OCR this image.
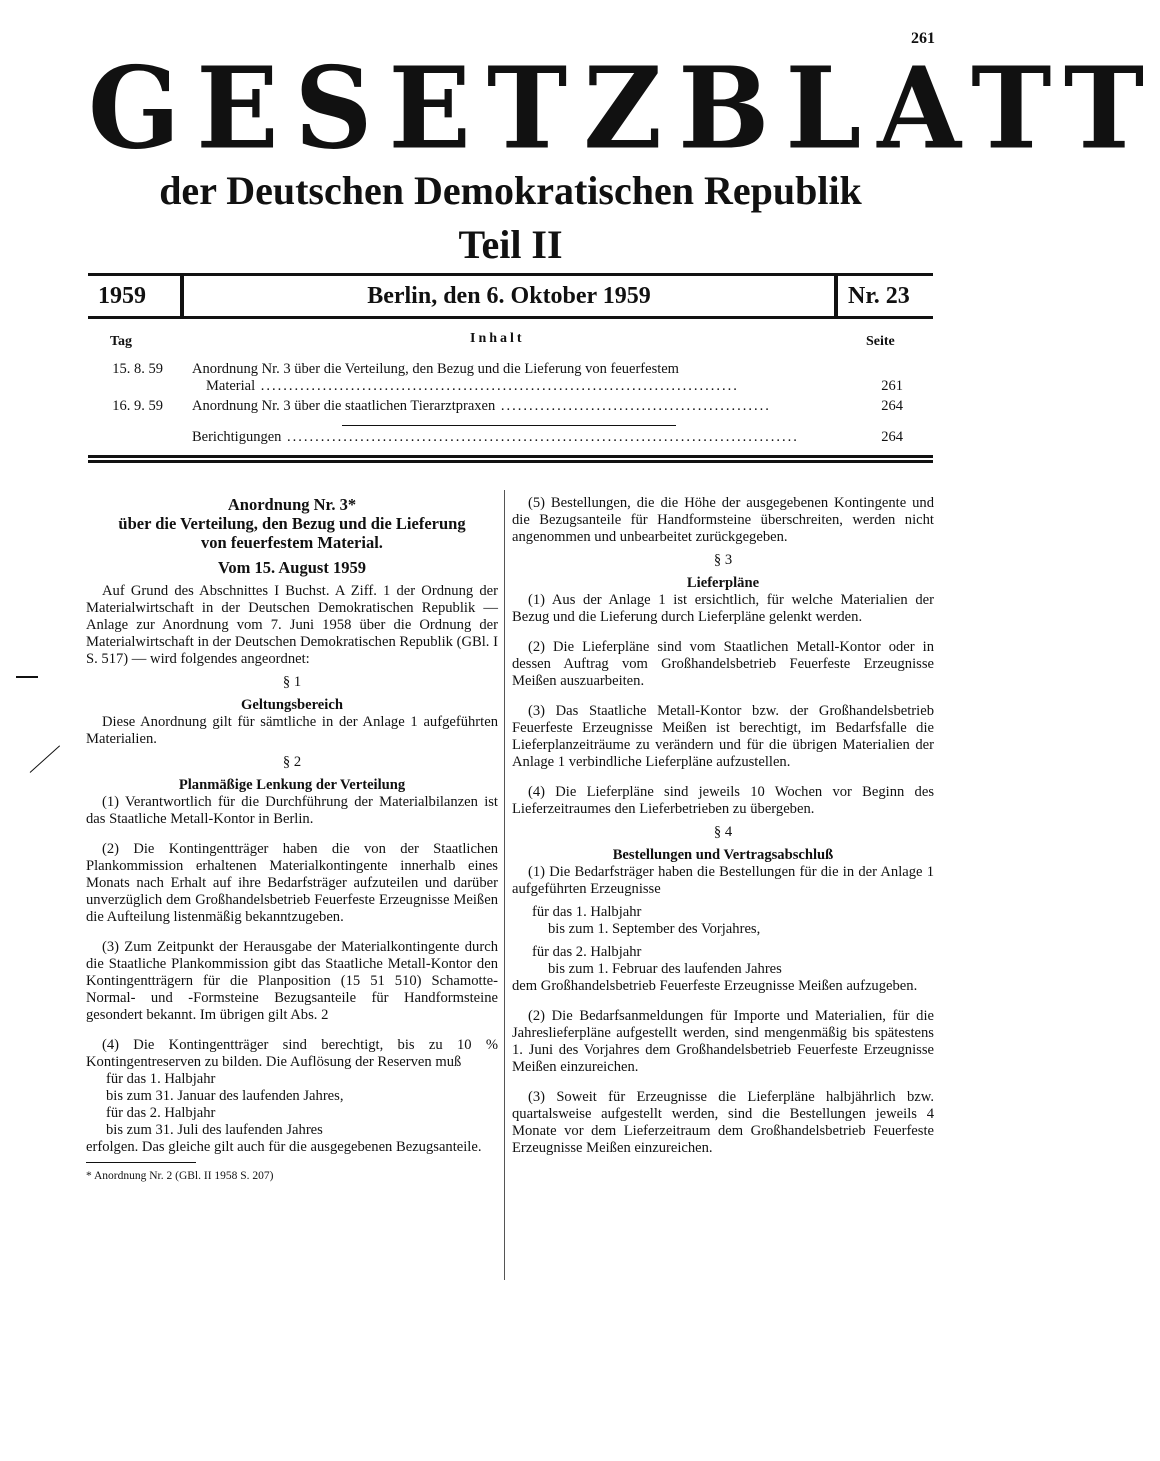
261
GESETZBLATT
der Deutschen Demokratischen Republik
Teil II
1959	Berlin, den 6. Oktober 1959	Nr. 23
Tag	Inhalt	Seite
15. 8. 59 Anordnung Nr. 3 über die Verteilung, den Bezug und die Lieferung von feuerfestem
Material .....................................................................................	261
16. 9. 59 Anordnung Nr. 3 über die staatlichen Tierarztpraxen ................................................	264
Berichtigungen ...........................................................................................	264

Anordnung Nr. 3*

über die Verteilung, den Bezug und die Lieferung

von feuerfestem Material.

Vom 15. August 1959

Auf Grund des Abschnittes I Buchst. A Ziff. 1 der Ordnung der Materialwirtschaft in der Deutschen Demokratischen Republik — Anlage zur Anordnung vom 7. Juni 1958 über die Ordnung der Materialwirtschaft in der Deutschen Demokratischen Republik (GBl. I S. 517) — wird folgendes angeordnet:

§ 1

Geltungsbereich

Diese Anordnung gilt für sämtliche in der Anlage 1 aufgeführten Materialien.

§ 2

Planmäßige Lenkung der Verteilung

(1) Verantwortlich für die Durchführung der Materialbilanzen ist das Staatliche Metall-Kontor in Berlin.

(2) Die Kontingentträger haben die von der Staatlichen Plankommission erhaltenen Materialkontingente innerhalb eines Monats nach Erhalt auf ihre Bedarfsträger aufzuteilen und darüber unverzüglich dem Großhandelsbetrieb Feuerfeste Erzeugnisse Meißen die Aufteilung listenmäßig bekanntzugeben.

(3) Zum Zeitpunkt der Herausgabe der Materialkontingente durch die Staatliche Plankommission gibt das Staatliche Metall-Kontor den Kontingentträgern für die Planposition (15 51 510) Schamotte-Normal- und -Formsteine Bezugsanteile für Handformsteine gesondert bekannt. Im übrigen gilt Abs. 2

(4) Die Kontingentträger sind berechtigt, bis zu 10 % Kontingentreserven zu bilden. Die Auflösung der Reserven muß

für das 1. Halbjahr

bis zum 31. Januar des laufenden Jahres,

für das 2. Halbjahr

bis zum 31. Juli des laufenden Jahres

erfolgen. Das gleiche gilt auch für die ausgegebenen Bezugsanteile.

* Anordnung Nr. 2 (GBl. II 1958 S. 207)

(5) Bestellungen, die die Höhe der ausgegebenen Kontingente und die Bezugsanteile für Handformsteine überschreiten, werden nicht angenommen und unbearbeitet zurückgegeben.

§ 3

Lieferpläne

(1) Aus der Anlage 1 ist ersichtlich, für welche Materialien der Bezug und die Lieferung durch Lieferpläne gelenkt werden.

(2) Die Lieferpläne sind vom Staatlichen Metall-Kontor oder in dessen Auftrag vom Großhandelsbetrieb Feuerfeste Erzeugnisse Meißen auszuarbeiten.

(3) Das Staatliche Metall-Kontor bzw. der Großhandelsbetrieb Feuerfeste Erzeugnisse Meißen ist berechtigt, im Bedarfsfalle die Lieferplanzeiträume zu verändern und für die übrigen Materialien der Anlage 1 verbindliche Lieferpläne aufzustellen.

(4) Die Lieferpläne sind jeweils 10 Wochen vor Beginn des Lieferzeitraumes den Lieferbetrieben zu übergeben.

§ 4

Bestellungen und Vertragsabschluß

(1) Die Bedarfsträger haben die Bestellungen für die in der Anlage 1 aufgeführten Erzeugnisse

für das 1. Halbjahr

bis zum 1. September des Vorjahres,

für das 2. Halbjahr

bis zum 1. Februar des laufenden Jahres

dem Großhandelsbetrieb Feuerfeste Erzeugnisse Meißen aufzugeben.

(2) Die Bedarfsanmeldungen für Importe und Materialien, für die Jahreslieferpläne aufgestellt werden, sind mengenmäßig bis spätestens 1. Juni des Vorjahres dem Großhandelsbetrieb Feuerfeste Erzeugnisse Meißen einzureichen.

(3) Soweit für Erzeugnisse die Lieferpläne halbjährlich bzw. quartalsweise aufgestellt werden, sind die Bestellungen jeweils 4 Monate vor dem Lieferzeitraum dem Großhandelsbetrieb Feuerfeste Erzeugnisse Meißen einzureichen.
